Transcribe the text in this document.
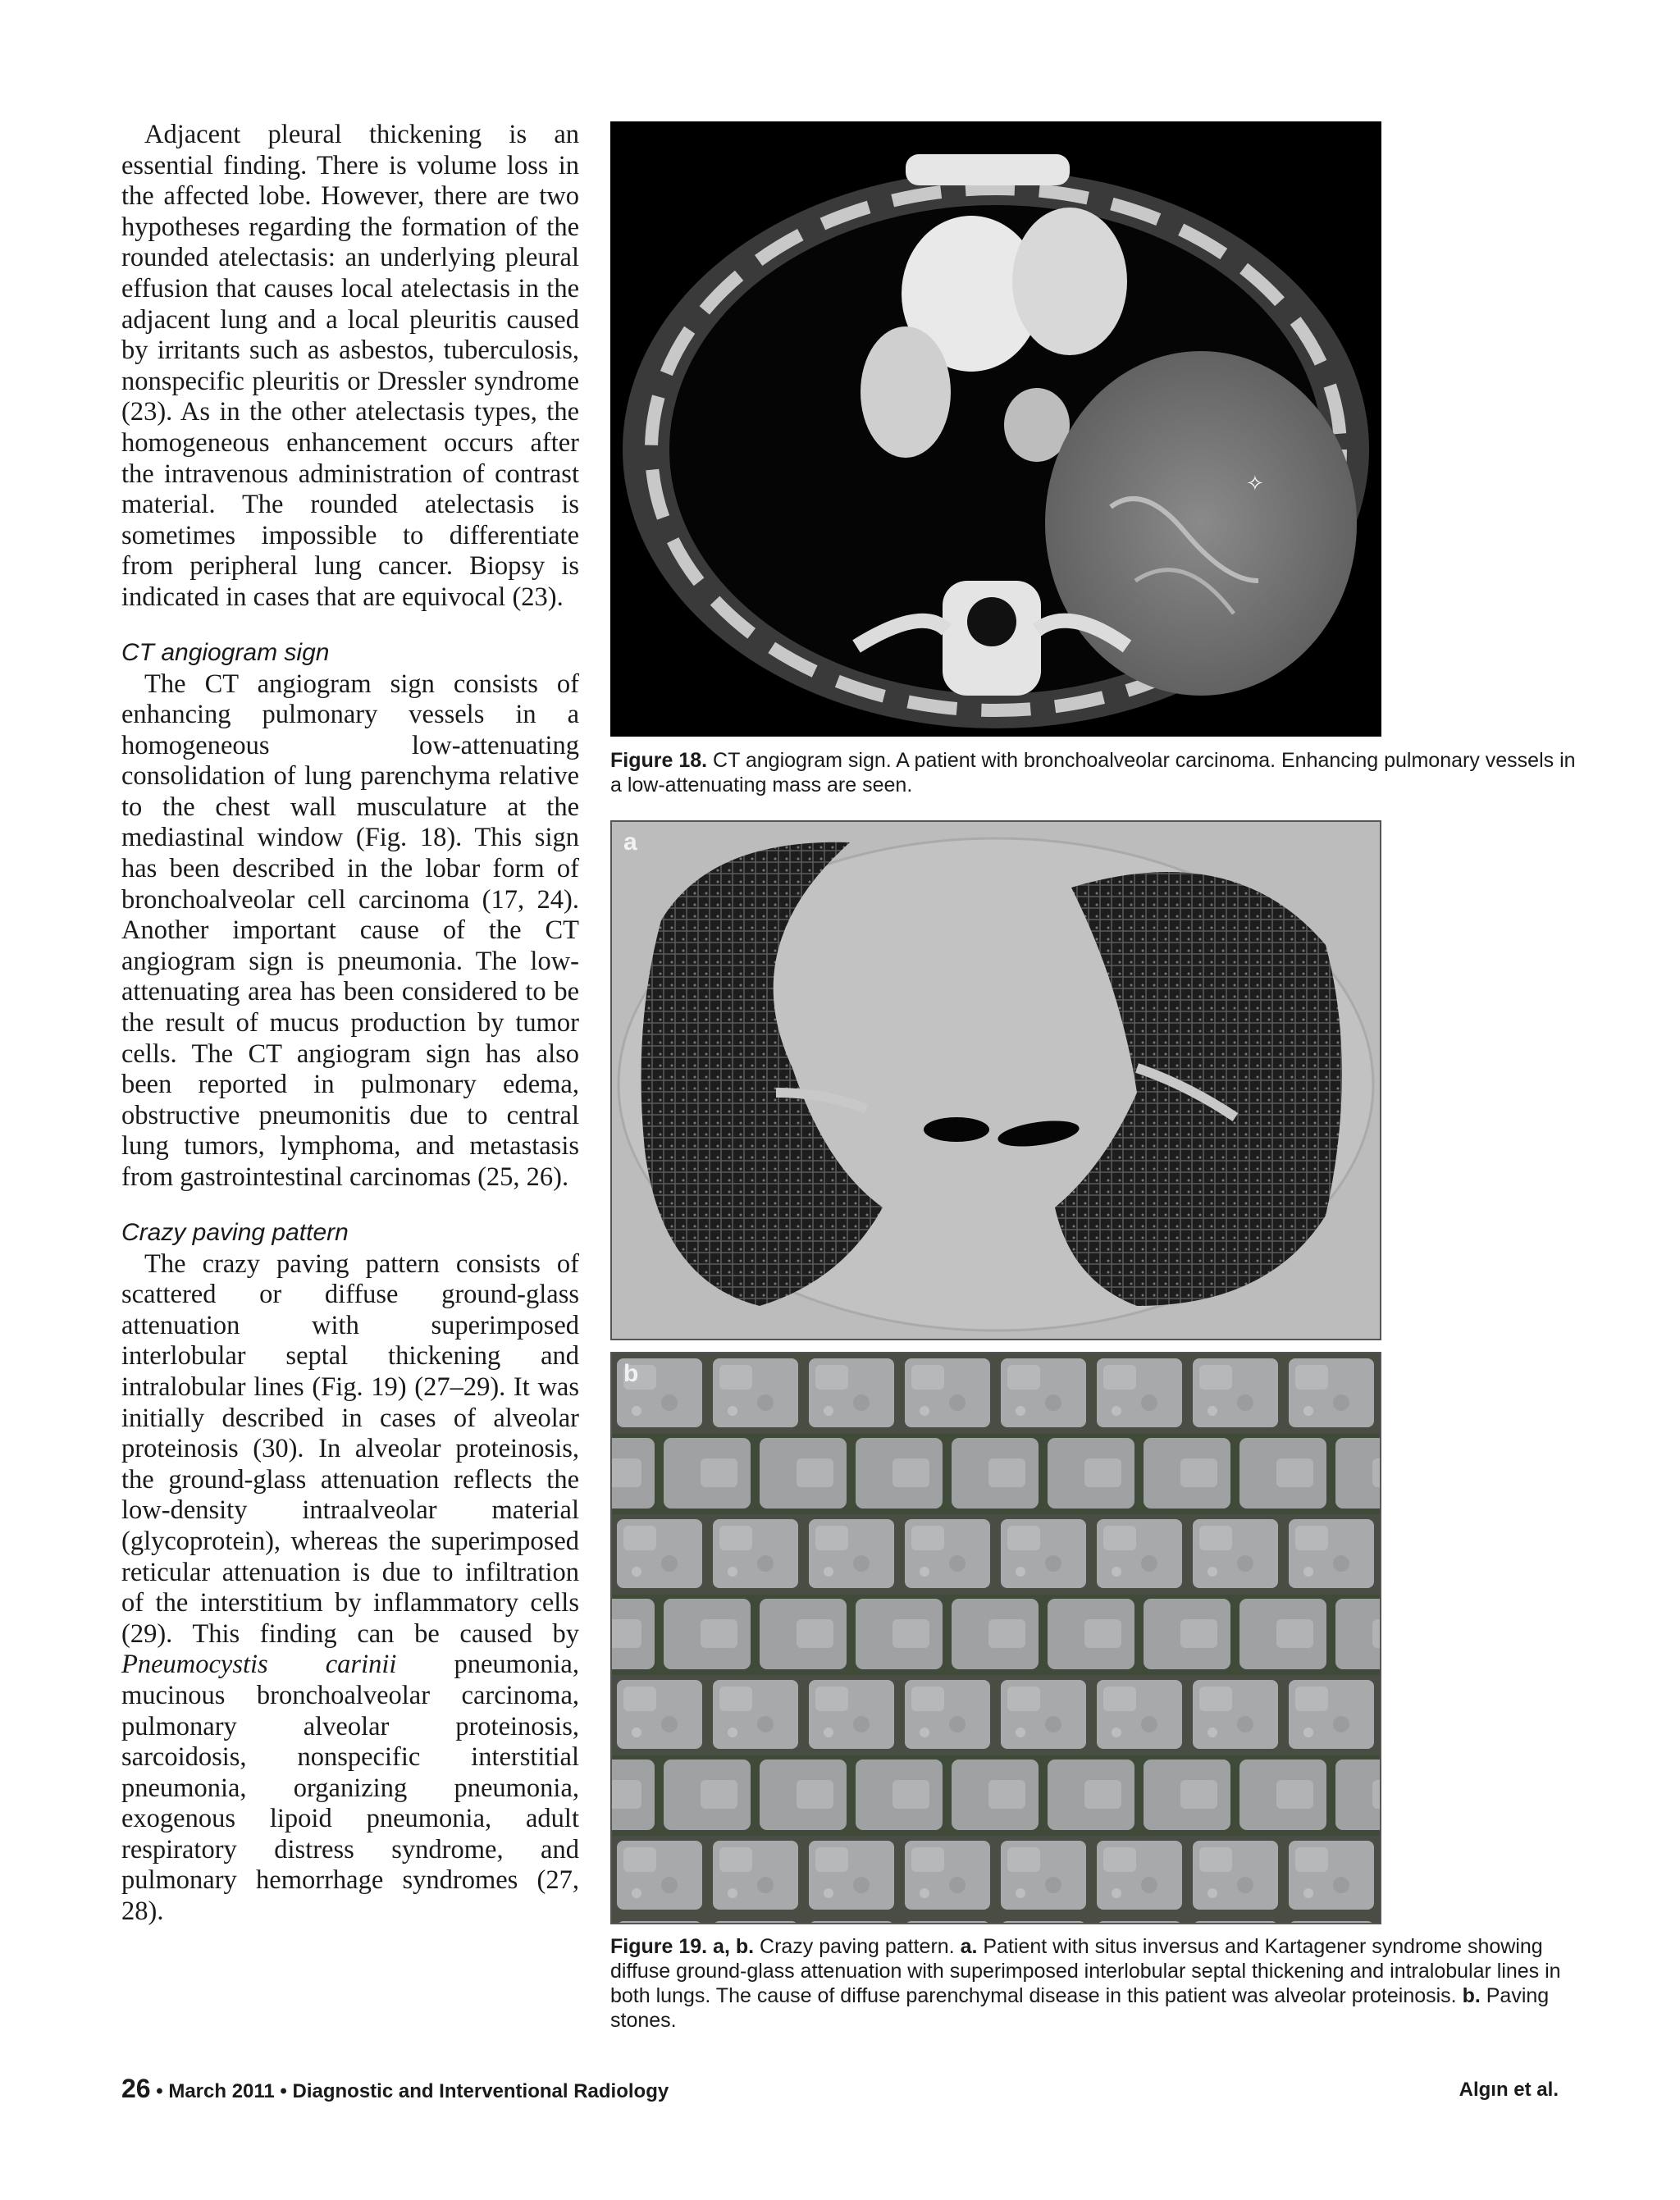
Adjacent pleural thickening is an essential finding. There is volume loss in the affected lobe. However, there are two hypotheses regarding the formation of the rounded atelectasis: an underlying pleural effusion that causes local atelectasis in the adjacent lung and a local pleuritis caused by irritants such as asbestos, tuberculosis, nonspecific pleuritis or Dressler syndrome (23). As in the other atelectasis types, the homogeneous enhancement occurs after the intravenous administration of contrast material. The rounded atelectasis is sometimes impossible to differentiate from peripheral lung cancer. Biopsy is indicated in cases that are equivocal (23).

CT angiogram sign

The CT angiogram sign consists of enhancing pulmonary vessels in a homogeneous low-attenuating consolidation of lung parenchyma relative to the chest wall musculature at the mediastinal window (Fig. 18). This sign has been described in the lobar form of bronchoalveolar cell carcinoma (17, 24). Another important cause of the CT angiogram sign is pneumonia. The low-attenuating area has been considered to be the result of mucus production by tumor cells. The CT angiogram sign has also been reported in pulmonary edema, obstructive pneumonitis due to central lung tumors, lymphoma, and metastasis from gastrointestinal carcinomas (25, 26).

Crazy paving pattern

The crazy paving pattern consists of scattered or diffuse ground-glass attenuation with superimposed interlobular septal thickening and intralobular lines (Fig. 19) (27–29). It was initially described in cases of alveolar proteinosis (30). In alveolar proteinosis, the ground-glass attenuation reflects the low-density intraalveolar material (glycoprotein), whereas the superimposed reticular attenuation is due to infiltration of the interstitium by inflammatory cells (29). This finding can be caused by Pneumocystis carinii pneumonia, mucinous bronchoalveolar carcinoma, pulmonary alveolar proteinosis, sarcoidosis, nonspecific interstitial pneumonia, organizing pneumonia, exogenous lipoid pneumonia, adult respiratory distress syndrome, and pulmonary hemorrhage syndromes (27, 28).

✧
Figure 18. CT angiogram sign. A patient with bronchoalveolar carcinoma. Enhancing pulmonary vessels in a low-attenuating mass are seen.
a
b
Figure 19. a, b. Crazy paving pattern. a. Patient with situs inversus and Kartagener syndrome showing diffuse ground-glass attenuation with superimposed interlobular septal thickening and intralobular lines in both lungs. The cause of diffuse parenchymal disease in this patient was alveolar proteinosis. b. Paving stones.
26 • March 2011 • Diagnostic and Interventional Radiology	Algın et al.
